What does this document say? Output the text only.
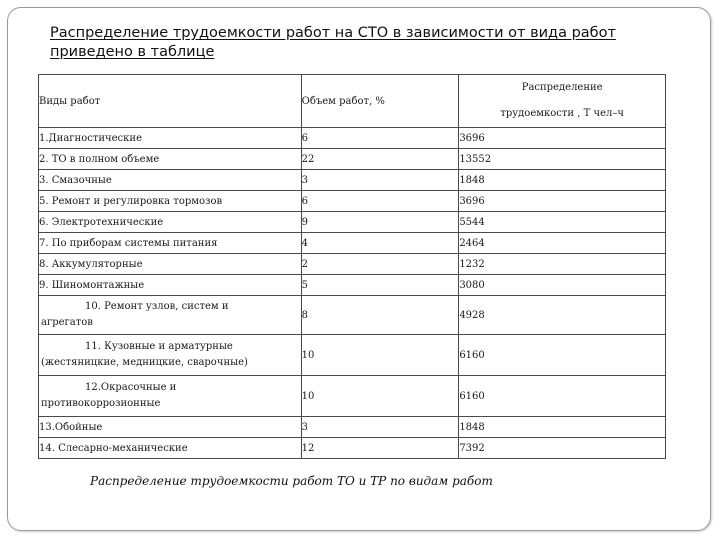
Распределение трудоемкости работ на СТО в зависимости от вида работ приведено в таблице

Виды работ	Объем работ, %	Распределение
трудоемкости , Т чел–ч

1.Диагностические	6	3696
2. ТО в полном объеме	22	13552
3. Смазочные	3	1848
5. Ремонт и регулировка тормозов	6	3696
6. Электротехнические	9	5544
7. По приборам системы питания	4	2464
8. Аккумуляторные	2	1232
9. Шиномонтажные	5	3080

10. Ремонт узлов, систем и
агрегатов	8	4928

11. Кузовные и арматурные
(жестяницкие, медницкие, сварочные)	10	6160

12.Окрасочные и
противокоррозионные	10	6160
13.Обойные	3	1848
14. Слесарно-механические	12	7392

Распределение трудоемкости работ ТО и ТР по видам работ
